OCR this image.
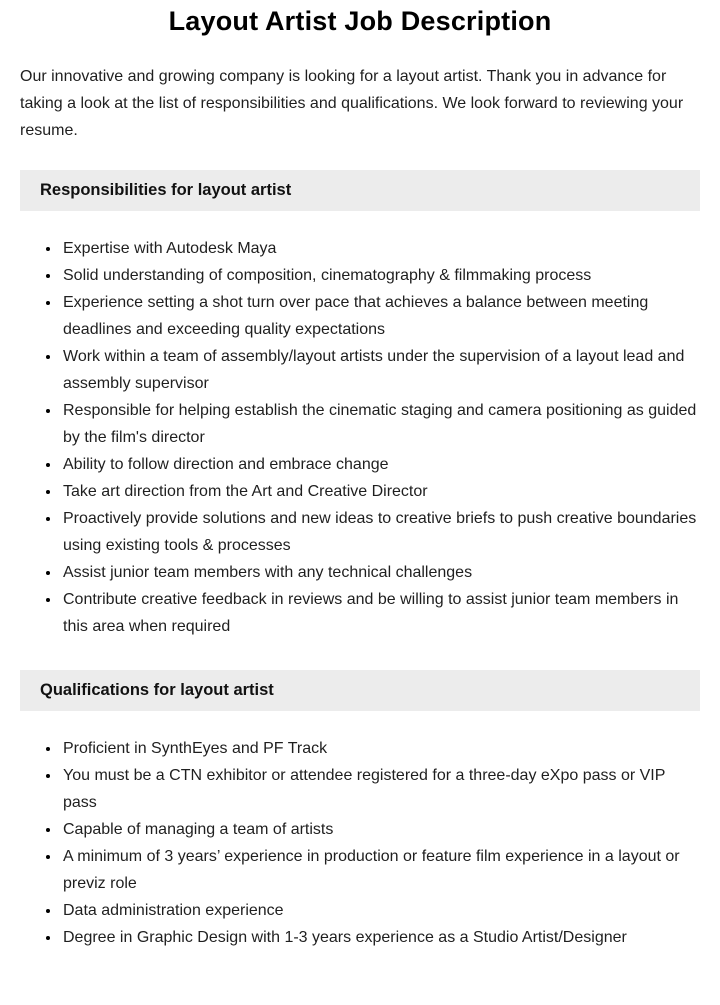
Layout Artist Job Description

Our innovative and growing company is looking for a layout artist. Thank you in advance for taking a look at the list of responsibilities and qualifications. We look forward to reviewing your resume.

Responsibilities for layout artist
• Expertise with Autodesk Maya
• Solid understanding of composition, cinematography & filmmaking process
• Experience setting a shot turn over pace that achieves a balance between meeting deadlines and exceeding quality expectations
• Work within a team of assembly/layout artists under the supervision of a layout lead and assembly supervisor
• Responsible for helping establish the cinematic staging and camera positioning as guided by the film's director
• Ability to follow direction and embrace change
• Take art direction from the Art and Creative Director
• Proactively provide solutions and new ideas to creative briefs to push creative boundaries using existing tools & processes
• Assist junior team members with any technical challenges
• Contribute creative feedback in reviews and be willing to assist junior team members in this area when required
Qualifications for layout artist
• Proficient in SynthEyes and PF Track
• You must be a CTN exhibitor or attendee registered for a three-day eXpo pass or VIP pass
• Capable of managing a team of artists
• A minimum of 3 years’ experience in production or feature film experience in a layout or previz role
• Data administration experience
• Degree in Graphic Design with 1-3 years experience as a Studio Artist/Designer
